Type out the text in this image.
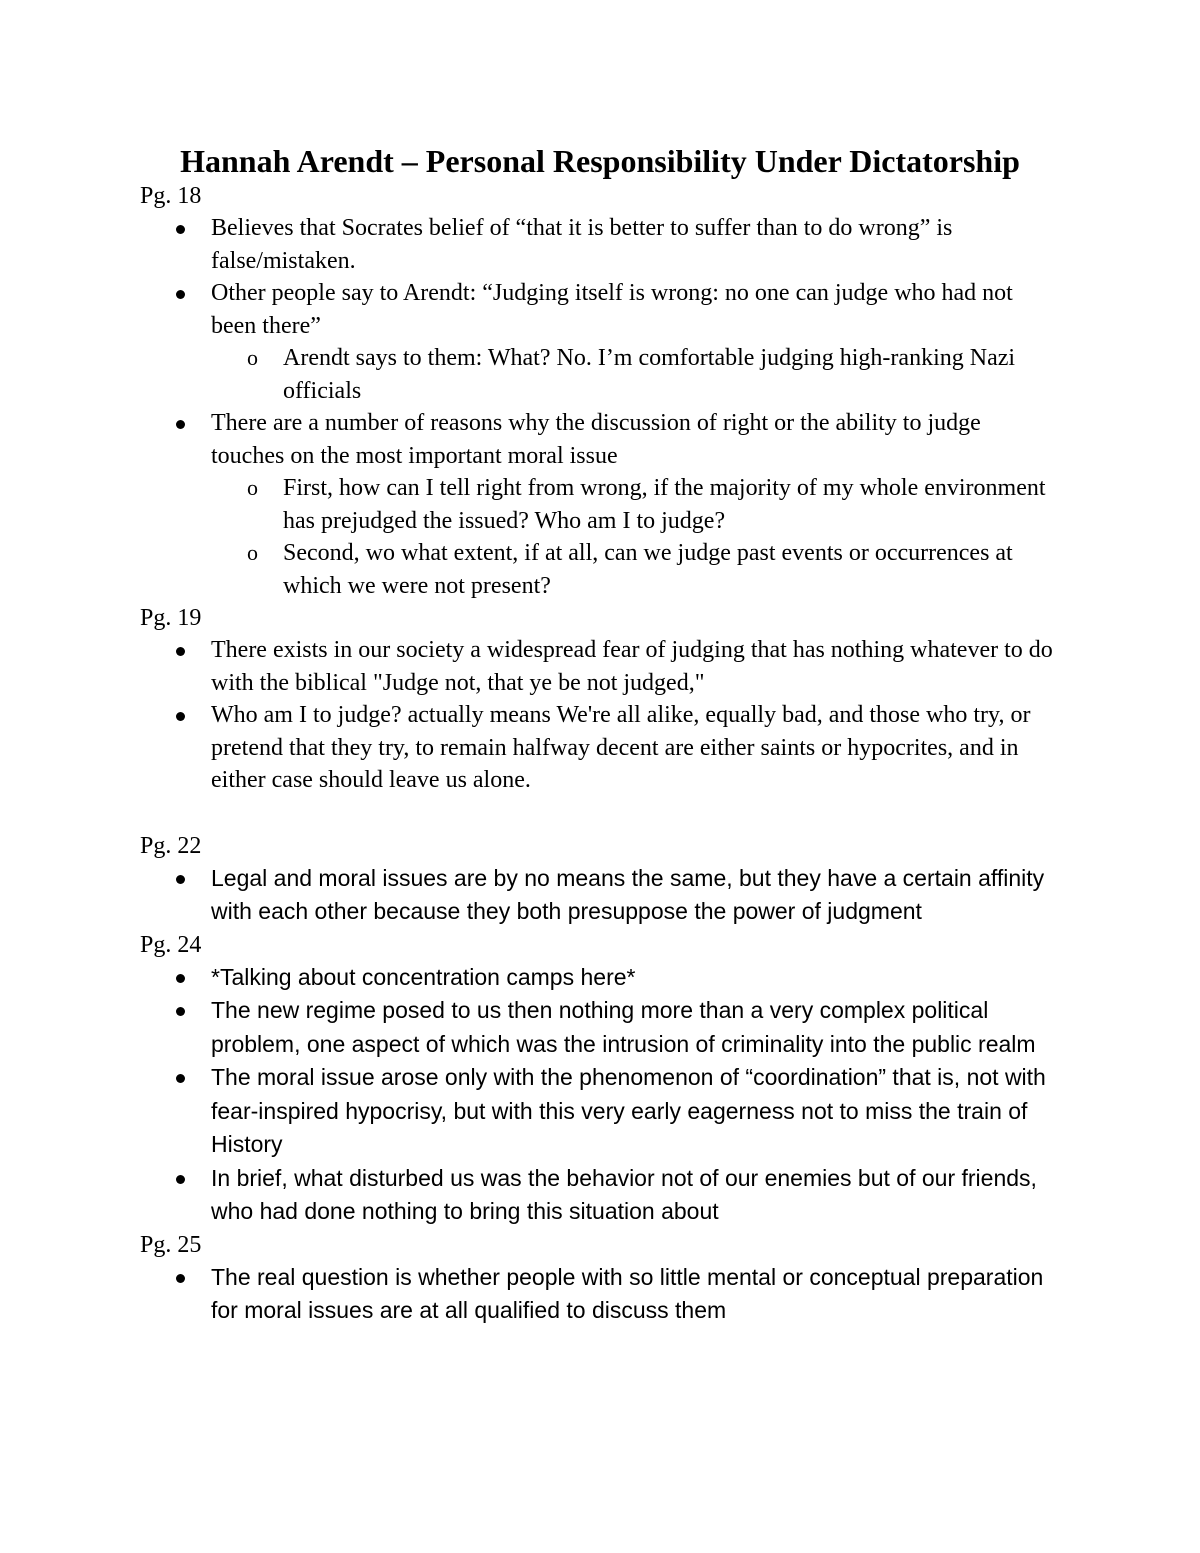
Hannah Arendt – Personal Responsibility Under Dictatorship

Pg. 18

Believes that Socrates belief of “that it is better to suffer than to do wrong” is false/mistaken.
Other people say to Arendt: “Judging itself is wrong: no one can judge who had not been there”
o Arendt says to them: What? No. I’m comfortable judging high-ranking Nazi officials
There are a number of reasons why the discussion of right or the ability to judge touches on the most important moral issue
o First, how can I tell right from wrong, if the majority of my whole environment has prejudged the issued? Who am I to judge?
o Second, wo what extent, if at all, can we judge past events or occurrences at which we were not present?

Pg. 19

There exists in our society a widespread fear of judging that has nothing whatever to do with the biblical "Judge not, that ye be not judged,"
Who am I to judge? actually means We're all alike, equally bad, and those who try, or pretend that they try, to remain halfway decent are either saints or hypocrites, and in either case should leave us alone.

Pg. 22

Legal and moral issues are by no means the same, but they have a certain affinity with each other because they both presuppose the power of judgment

Pg. 24

*Talking about concentration camps here*
The new regime posed to us then nothing more than a very complex political problem, one aspect of which was the intrusion of criminality into the public realm
The moral issue arose only with the phenomenon of “coordination” that is, not with fear-inspired hypocrisy, but with this very early eagerness not to miss the train of History
In brief, what disturbed us was the behavior not of our enemies but of our friends, who had done nothing to bring this situation about

Pg. 25

The real question is whether people with so little mental or conceptual preparation for moral issues are at all qualified to discuss them
